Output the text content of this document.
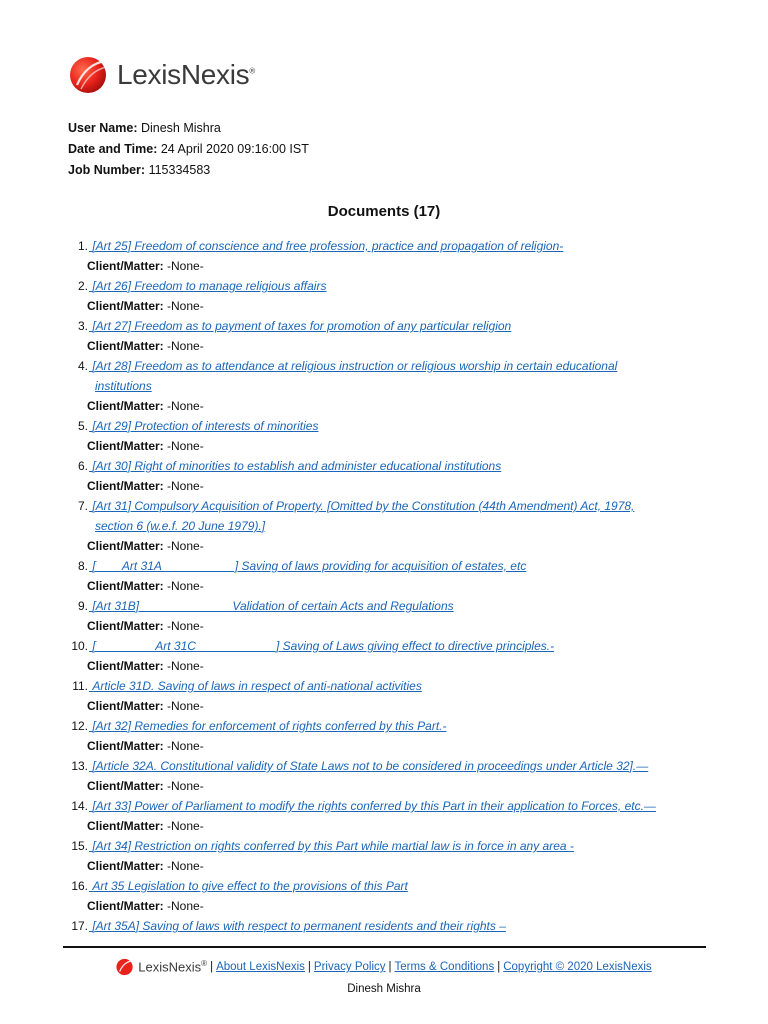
LexisNexis®
User Name: Dinesh Mishra
Date and Time: 24 April 2020 09:16:00 IST
Job Number: 115334583
Documents (17)
1. [Art 25] Freedom of conscience and free profession, practice and propagation of religion-
Client/Matter: -None-
2. [Art 26] Freedom to manage religious affairs
Client/Matter: -None-
3. [Art 27] Freedom as to payment of taxes for promotion of any particular religion
Client/Matter: -None-
4. [Art 28] Freedom as to attendance at religious instruction or religious worship in certain educational
institutions
Client/Matter: -None-
5. [Art 29] Protection of interests of minorities
Client/Matter: -None-
6. [Art 30] Right of minorities to establish and administer educational institutions
Client/Matter: -None-
7. [Art 31] Compulsory Acquisition of Property. [Omitted by the Constitution (44th Amendment) Act, 1978,
section 6 (w.e.f. 20 June 1979).]
Client/Matter: -None-
8. [        Art 31A                      ] Saving of laws providing for acquisition of estates, etc
Client/Matter: -None-
9. [Art 31B]                            Validation of certain Acts and Regulations
Client/Matter: -None-
10. [                  Art 31C                        ] Saving of Laws giving effect to directive principles.-
Client/Matter: -None-
11. Article 31D. Saving of laws in respect of anti-national activities
Client/Matter: -None-
12. [Art 32] Remedies for enforcement of rights conferred by this Part.-
Client/Matter: -None-
13. [Article 32A. Constitutional validity of State Laws not to be considered in proceedings under Article 32].—
Client/Matter: -None-
14. [Art 33] Power of Parliament to modify the rights conferred by this Part in their application to Forces, etc.—
Client/Matter: -None-
15. [Art 34] Restriction on rights conferred by this Part while martial law is in force in any area -
Client/Matter: -None-
16. Art 35 Legislation to give effect to the provisions of this Part
Client/Matter: -None-
17. [Art 35A] Saving of laws with respect to permanent residents and their rights –
LexisNexis® | About LexisNexis | Privacy Policy | Terms & Conditions | Copyright © 2020 LexisNexis
Dinesh Mishra
